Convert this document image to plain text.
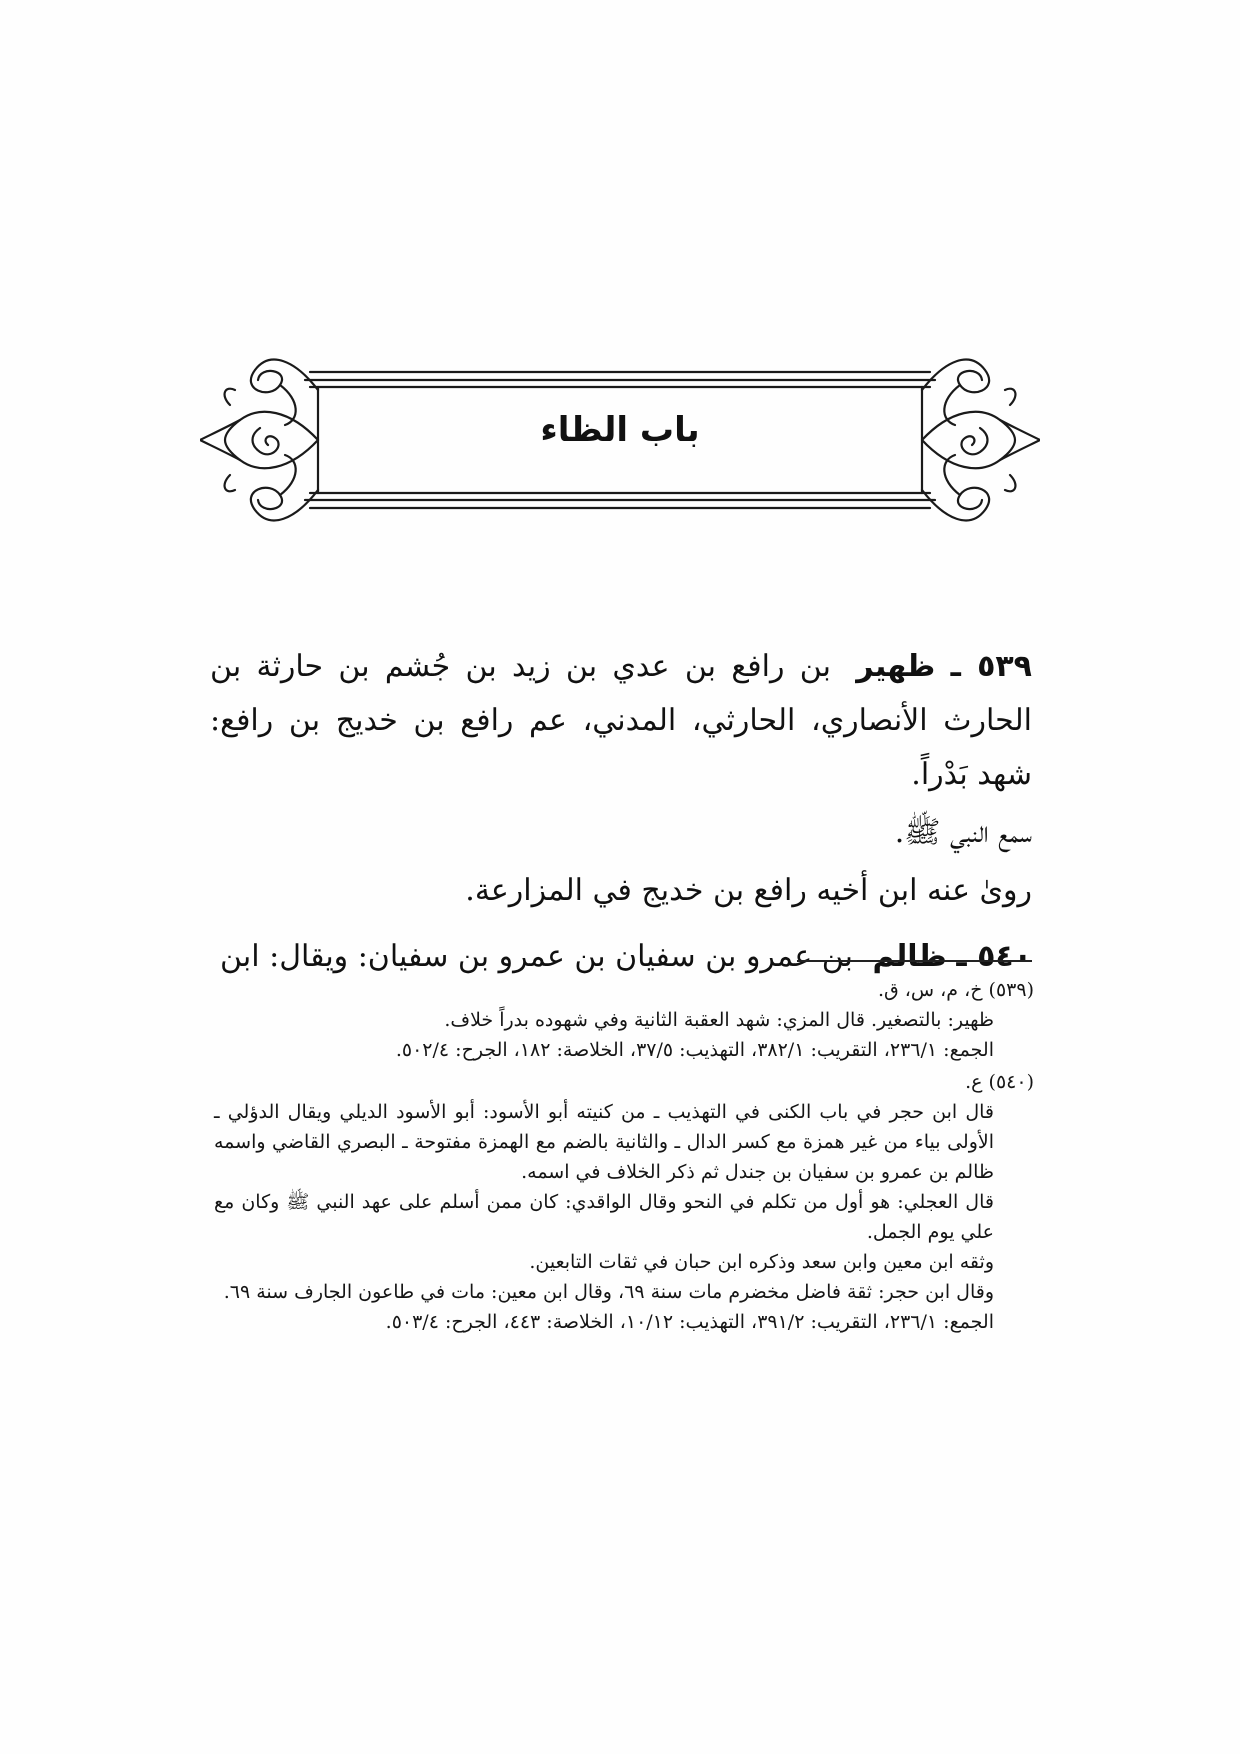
باب الظاء
٥٣٩ ـ ظهير بن رافع بن عدي بن زيد بن جُشم بن حارثة بن الحارث الأنصاري، الحارثي، المدني، عم رافع بن خديج بن رافع: شهد بَدْراً.

سمع النبي ﷺ.

روىٰ عنه ابن أخيه رافع بن خديج في المزارعة.

٥٤٠ ـ ظالم بن عمرو بن سفيان بن عمرو بن سفيان: ويقال: ابن

(٥٣٩) خ، م، س، ق.

ظهير: بالتصغير. قال المزي: شهد العقبة الثانية وفي شهوده بدراً خلاف.

الجمع: ٢٣٦/١، التقريب: ٣٨٢/١، التهذيب: ٣٧/٥، الخلاصة: ١٨٢، الجرح: ٥٠٢/٤.

(٥٤٠) ع.

قال ابن حجر في باب الكنى في التهذيب ـ من كنيته أبو الأسود: أبو الأسود الديلي ويقال الدؤلي ـ الأولى بياء من غير همزة مع كسر الدال ـ والثانية بالضم مع الهمزة مفتوحة ـ البصري القاضي واسمه ظالم بن عمرو بن سفيان بن جندل ثم ذكر الخلاف في اسمه.

قال العجلي: هو أول من تكلم في النحو وقال الواقدي: كان ممن أسلم على عهد النبي ﷺ وكان مع علي يوم الجمل.

وثقه ابن معين وابن سعد وذكره ابن حبان في ثقات التابعين.

وقال ابن حجر: ثقة فاضل مخضرم مات سنة ٦٩، وقال ابن معين: مات في طاعون الجارف سنة ٦٩.

الجمع: ٢٣٦/١، التقريب: ٣٩١/٢، التهذيب: ١٠/١٢، الخلاصة: ٤٤٣، الجرح: ٥٠٣/٤.
